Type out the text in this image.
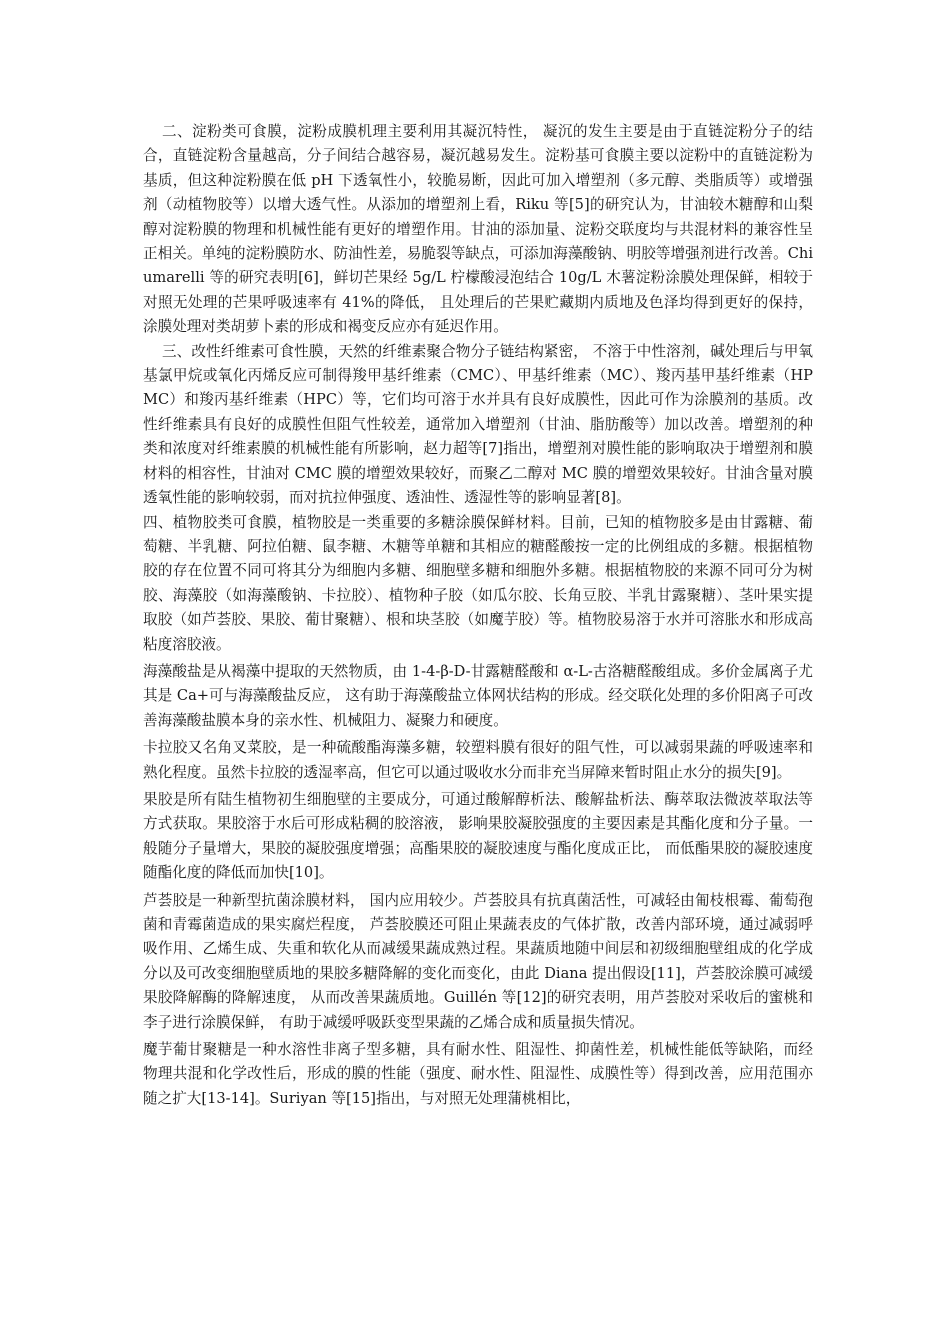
二、淀粉类可食膜，淀粉成膜机理主要利用其凝沉特性， 凝沉的发生主要是由于直链淀粉分子的结合，直链淀粉含量越高，分子间结合越容易，凝沉越易发生。淀粉基可食膜主要以淀粉中的直链淀粉为基质，但这种淀粉膜在低 pH 下透氧性小，较脆易断，因此可加入增塑剂（多元醇、类脂质等）或增强剂（动植物胶等）以增大透气性。从添加的增塑剂上看，Riku 等[5]的研究认为，甘油较木糖醇和山梨醇对淀粉膜的物理和机械性能有更好的增塑作用。甘油的添加量、淀粉交联度均与共混材料的兼容性呈正相关。单纯的淀粉膜防水、防油性差，易脆裂等缺点，可添加海藻酸钠、明胶等增强剂进行改善。Chiumarelli 等的研究表明[6]，鲜切芒果经 5g/L 柠檬酸浸泡结合 10g/L 木薯淀粉涂膜处理保鲜，相较于对照无处理的芒果呼吸速率有 41%的降低， 且处理后的芒果贮藏期内质地及色泽均得到更好的保持， 涂膜处理对类胡萝卜素的形成和褐变反应亦有延迟作用。

三、改性纤维素可食性膜，天然的纤维素聚合物分子链结构紧密， 不溶于中性溶剂，碱处理后与甲氧基氯甲烷或氧化丙烯反应可制得羧甲基纤维素（CMC）、甲基纤维素（MC）、羧丙基甲基纤维素（HPMC）和羧丙基纤维素（HPC）等，它们均可溶于水并具有良好成膜性，因此可作为涂膜剂的基质。改性纤维素具有良好的成膜性但阻气性较差，通常加入增塑剂（甘油、脂肪酸等）加以改善。增塑剂的种类和浓度对纤维素膜的机械性能有所影响，赵力超等[7]指出，增塑剂对膜性能的影响取决于增塑剂和膜材料的相容性，甘油对 CMC 膜的增塑效果较好，而聚乙二醇对 MC 膜的增塑效果较好。甘油含量对膜透氧性能的影响较弱，而对抗拉伸强度、透油性、透湿性等的影响显著[8]。

四、植物胶类可食膜，植物胶是一类重要的多糖涂膜保鲜材料。目前，已知的植物胶多是由甘露糖、葡萄糖、半乳糖、阿拉伯糖、鼠李糖、木糖等单糖和其相应的糖醛酸按一定的比例组成的多糖。根据植物胶的存在位置不同可将其分为细胞内多糖、细胞壁多糖和细胞外多糖。根据植物胶的来源不同可分为树胶、海藻胶（如海藻酸钠、卡拉胶）、植物种子胶（如瓜尔胶、长角豆胶、半乳甘露聚糖）、茎叶果实提取胶（如芦荟胶、果胶、葡甘聚糖）、根和块茎胶（如魔芋胶）等。植物胶易溶于水并可溶胀水和形成高粘度溶胶液。

海藻酸盐是从褐藻中提取的天然物质，由 1-4-β-D-甘露糖醛酸和 α-L-古洛糖醛酸组成。多价金属离子尤其是 Ca+可与海藻酸盐反应， 这有助于海藻酸盐立体网状结构的形成。经交联化处理的多价阳离子可改善海藻酸盐膜本身的亲水性、机械阻力、凝聚力和硬度。

卡拉胶又名角叉菜胶，是一种硫酸酯海藻多糖，较塑料膜有很好的阻气性，可以减弱果蔬的呼吸速率和熟化程度。虽然卡拉胶的透湿率高，但它可以通过吸收水分而非充当屏障来暂时阻止水分的损失[9]。

果胶是所有陆生植物初生细胞壁的主要成分，可通过酸解醇析法、酸解盐析法、酶萃取法微波萃取法等方式获取。果胶溶于水后可形成粘稠的胶溶液， 影响果胶凝胶强度的主要因素是其酯化度和分子量。一般随分子量增大，果胶的凝胶强度增强；高酯果胶的凝胶速度与酯化度成正比， 而低酯果胶的凝胶速度随酯化度的降低而加快[10]。

芦荟胶是一种新型抗菌涂膜材料， 国内应用较少。芦荟胶具有抗真菌活性，可减轻由匍枝根霉、葡萄孢菌和青霉菌造成的果实腐烂程度， 芦荟胶膜还可阻止果蔬表皮的气体扩散，改善内部环境，通过减弱呼吸作用、乙烯生成、失重和软化从而减缓果蔬成熟过程。果蔬质地随中间层和初级细胞壁组成的化学成分以及可改变细胞壁质地的果胶多糖降解的变化而变化，由此 Diana 提出假设[11]，芦荟胶涂膜可减缓果胶降解酶的降解速度， 从而改善果蔬质地。Guillén 等[12]的研究表明，用芦荟胶对采收后的蜜桃和李子进行涂膜保鲜， 有助于减缓呼吸跃变型果蔬的乙烯合成和质量损失情况。

魔芋葡甘聚糖是一种水溶性非离子型多糖，具有耐水性、阻湿性、抑菌性差，机械性能低等缺陷，而经物理共混和化学改性后，形成的膜的性能（强度、耐水性、阻湿性、成膜性等）得到改善，应用范围亦随之扩大[13-14]。Suriyan 等[15]指出，与对照无处理蒲桃相比，
